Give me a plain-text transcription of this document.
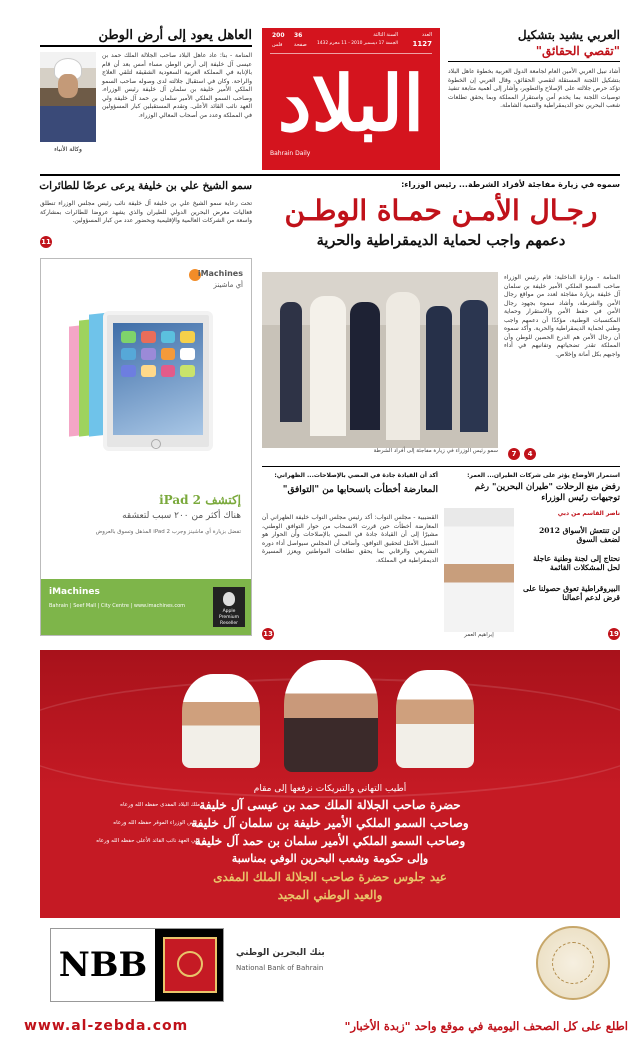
العاهل يعود إلى أرض الوطن
المنامة - بنا: عاد عاهل البلاد صاحب الجلالة الملك حمد بن عيسى آل خليفة إلى أرض الوطن مساء أمس بعد أن قام بالإنابة في المملكة العربية السعودية الشقيقة لتلقي العلاج والراحة. وكان في استقبال جلالته لدى وصوله صاحب السمو الملكي الأمير خليفة بن سلمان آل خليفة رئيس الوزراء، وصاحب السمو الملكي الأمير سلمان بن حمد آل خليفة ولي العهد نائب القائد الأعلى. وتقدم المستقبلين كبار المسؤولين في المملكة وعدد من أصحاب المعالي الوزراء.
وكالة الأنباء
العدد
1127
السنة الثالثة
الجمعة 17 ديسمبر 2010 - 11 محرم 1432
36
صفحة
200
فلس
البلاد
Bahrain Daily
العربي يشيد بتشكيل
"تقصي الحقائق"
أشاد نبيل العربي الأمين العام لجامعة الدول العربية بخطوة عاهل البلاد بتشكيل اللجنة المستقلة لتقصي الحقائق، وقال العربي إن الخطوة تؤكد حرص جلالته على الإصلاح والتطوير، وأشار إلى أهمية متابعة تنفيذ توصيات اللجنة بما يخدم أمن واستقرار المملكة وبما يحقق تطلعات شعب البحرين نحو الديمقراطية والتنمية الشاملة.
سمو الشيخ علي بن خليفة يرعى عرضًا للطائرات
تحت رعاية سمو الشيخ علي بن خليفة آل خليفة نائب رئيس مجلس الوزراء تنطلق فعاليات معرض البحرين الدولي للطيران والذي يشهد عروضا للطائرات بمشاركة واسعة من الشركات العالمية والإقليمية وبحضور عدد من كبار المسؤولين.
11
iMachines
أي ماشينز
إكتشف iPad 2
هناك أكثر من ٢٠٠ سبب لتعشقه
تفضل بزيارة أي ماشينز وجرب iPad 2 المذهل وتسوق بالعروض
iMachines
Bahrain | Seef Mall | City Centre | www.imachines.com
Apple Premium Reseller
سموه في زيارة مفاجئة لأفراد الشرطة... رئيس الوزراء:
رجـال الأمـن حمـاة الوطـن
دعمهم واجب لحماية الديمقراطية والحرية
المنامة - وزارة الداخلية: قام رئيس الوزراء صاحب السمو الملكي الأمير خليفة بن سلمان آل خليفة بزيارة مفاجئة لعدد من مواقع رجال الأمن والشرطة، وأشاد سموه بجهود رجال الأمن في حفظ الأمن والاستقرار وحماية المكتسبات الوطنية، مؤكدًا أن دعمهم واجب وطني لحماية الديمقراطية والحرية. وأكد سموه أن رجال الأمن هم الدرع الحصين للوطن وأن المملكة تقدر تضحياتهم وتفانيهم في أداء واجبهم بكل أمانة وإخلاص.
سمو رئيس الوزراء في زيارة مفاجئة إلى أفراد الشرطة	7	4
استمرار الأوضاع يؤثر على شركات الطيران... العمر:
رفض منع الرحلات "طيران البحرين" رغم توجيهات رئيس الوزراء
ناصر القاسم من دبي
لن تنتعش الأسواق 2012 لضعف السوق
نحتاج إلى لجنة وطنية عاجلة لحل المشكلات القائمة
البيروقراطية تعوق حصولنا على قرض لدعم أعمالنا
إبراهيم العمر	19
أكد أن القيادة جادة في المضي بالإصلاحات... الظهراني:
المعارضة أخطأت بانسحابها من "التوافق"
القضيبية - مجلس النواب: أكد رئيس مجلس النواب خليفة الظهراني أن المعارضة أخطأت حين قررت الانسحاب من حوار التوافق الوطني، مشيرًا إلى أن القيادة جادة في المضي بالإصلاحات وأن الحوار هو السبيل الأمثل لتحقيق التوافق. وأضاف أن المجلس سيواصل أداء دوره التشريعي والرقابي بما يحقق تطلعات المواطنين ويعزز المسيرة الديمقراطية في المملكة.
13
أطيب التهاني والتبريكات نرفعها إلى مقام
حضرة صاحب الجلالة الملك حمد بن عيسى آل خليفة
وصاحب السمو الملكي الأمير خليفة بن سلمان آل خليفة
وصاحب السمو الملكي الأمير سلمان بن حمد آل خليفة
وإلى حكومة وشعب البحرين الوفي بمناسبة
عيد جلوس حضرة صاحب الجلالة الملك المفدى
والعيد الوطني المجيد
ملك البلاد المفدى حفظه الله ورعاه
رئيس الوزراء الموقر حفظه الله ورعاه
ولي العهد نائب القائد الأعلى حفظه الله ورعاه
NBB	بنك البحرين الوطني
National Bank of Bahrain
www.al-zebda.com	اطلع على كل الصحف اليومية في موقع واحد "زبدة الأخبار"
